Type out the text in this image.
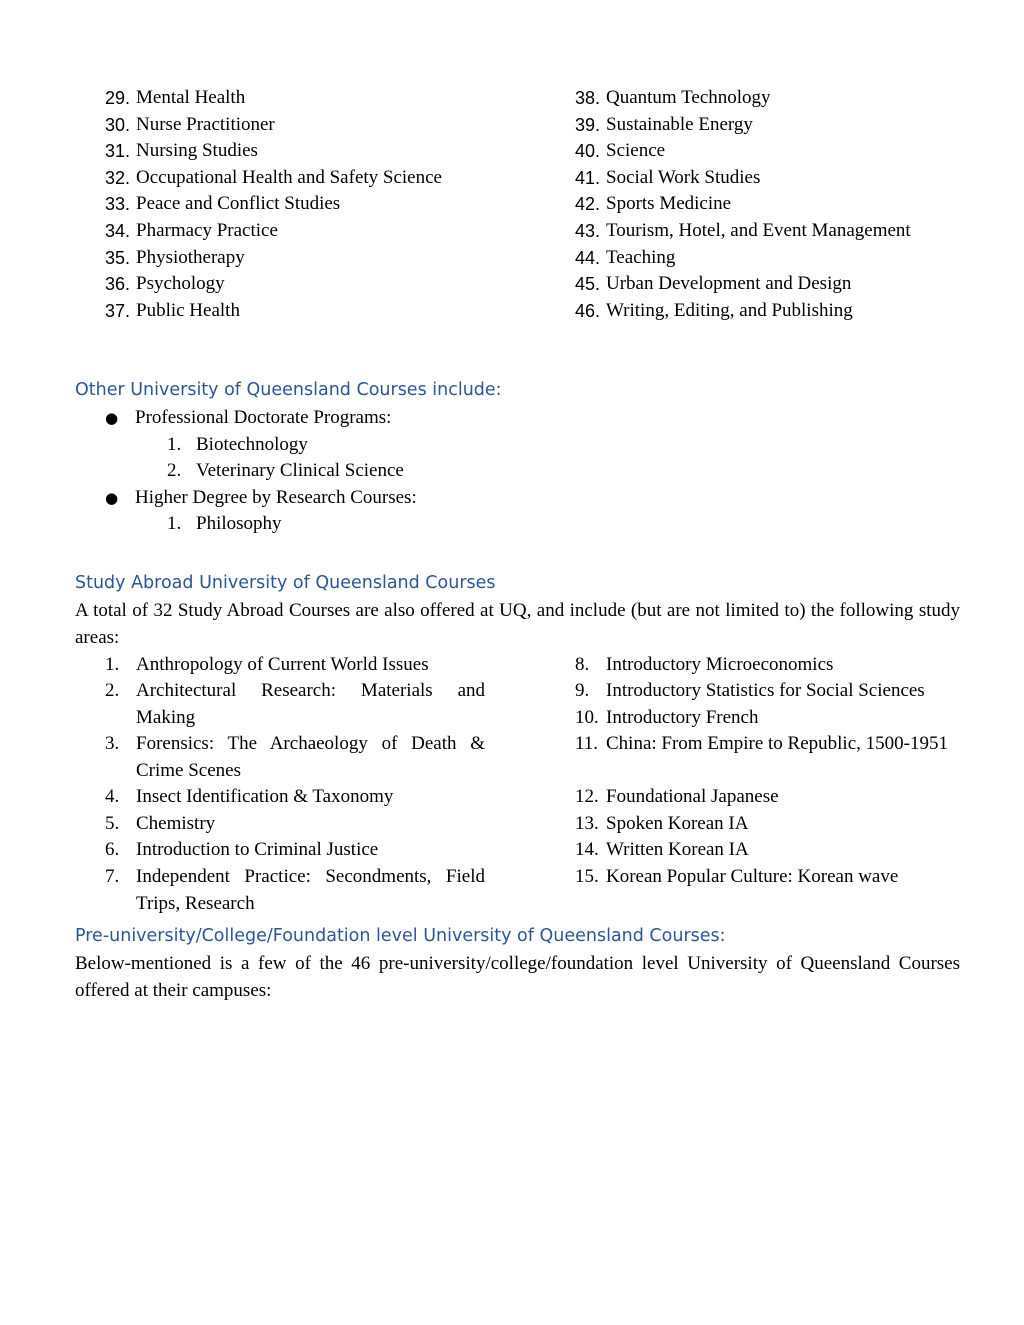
29. Mental Health
30. Nurse Practitioner
31. Nursing Studies
32. Occupational Health and Safety Science
33. Peace and Conflict Studies
34. Pharmacy Practice
35. Physiotherapy
36. Psychology
37. Public Health
38. Quantum Technology
39. Sustainable Energy
40. Science
41. Social Work Studies
42. Sports Medicine
43. Tourism, Hotel, and Event Management
44. Teaching
45. Urban Development and Design
46. Writing, Editing, and Publishing
Other University of Queensland Courses include:
● Professional Doctorate Programs:
1. Biotechnology
2. Veterinary Clinical Science
● Higher Degree by Research Courses:
1. Philosophy
Study Abroad University of Queensland Courses
A total of 32 Study Abroad Courses are also offered at UQ, and include (but are not limited to) the following study areas:
1. Anthropology of Current World Issues
2. Architectural Research: Materials and Making
3. Forensics: The Archaeology of Death & Crime Scenes
4. Insect Identification & Taxonomy
5. Chemistry
6. Introduction to Criminal Justice
7. Independent Practice: Secondments, Field Trips, Research
8. Introductory Microeconomics
9. Introductory Statistics for Social Sciences
10. Introductory French
11. China: From Empire to Republic, 1500-1951
12. Foundational Japanese
13. Spoken Korean IA
14. Written Korean IA
15. Korean Popular Culture: Korean wave
Pre-university/College/Foundation level University of Queensland Courses:
Below-mentioned is a few of the 46 pre-university/college/foundation level University of Queensland Courses offered at their campuses:
